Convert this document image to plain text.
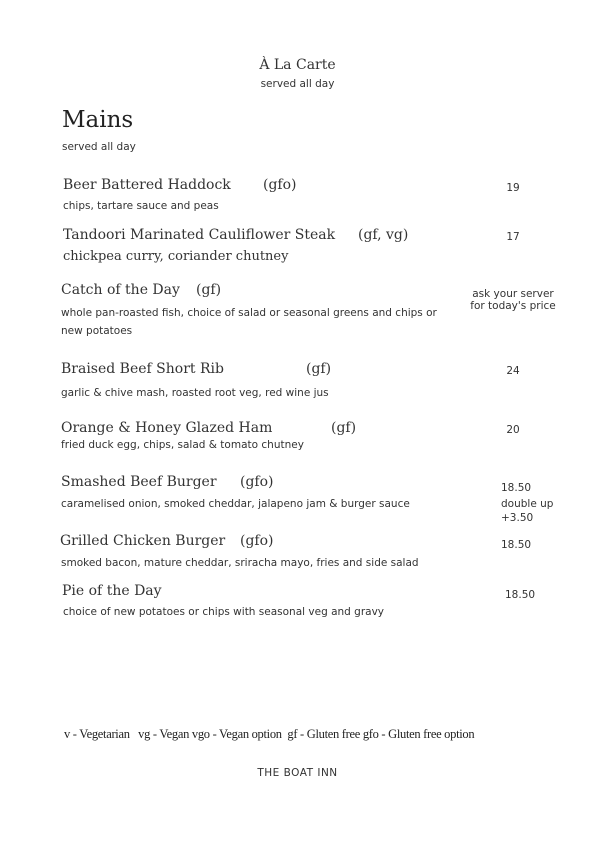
À La Carte
served all day
Mains
served all day
Beer Battered Haddock (gfo)
chips, tartare sauce and peas
19
Tandoori Marinated Cauliflower Steak (gf, vg)
chickpea curry, coriander chutney
17
Catch of the Day (gf)
whole pan-roasted fish, choice of salad or seasonal greens and chips or new potatoes
ask your server for today's price
Braised Beef Short Rib	(gf)
garlic & chive mash, roasted root veg, red wine jus
24
Orange & Honey Glazed Ham	(gf)
fried duck egg, chips, salad & tomato chutney
20
Smashed Beef Burger (gfo)
caramelised onion, smoked cheddar, jalapeno jam & burger sauce
18.50
double up +3.50
Grilled Chicken Burger (gfo)
smoked bacon, mature cheddar, sriracha mayo, fries and side salad
18.50
Pie of the Day
choice of new potatoes or chips with seasonal veg and gravy
18.50
v - Vegetarian   vg - Vegan vgo - Vegan option  gf - Gluten free gfo - Gluten free option
THE BOAT INN
